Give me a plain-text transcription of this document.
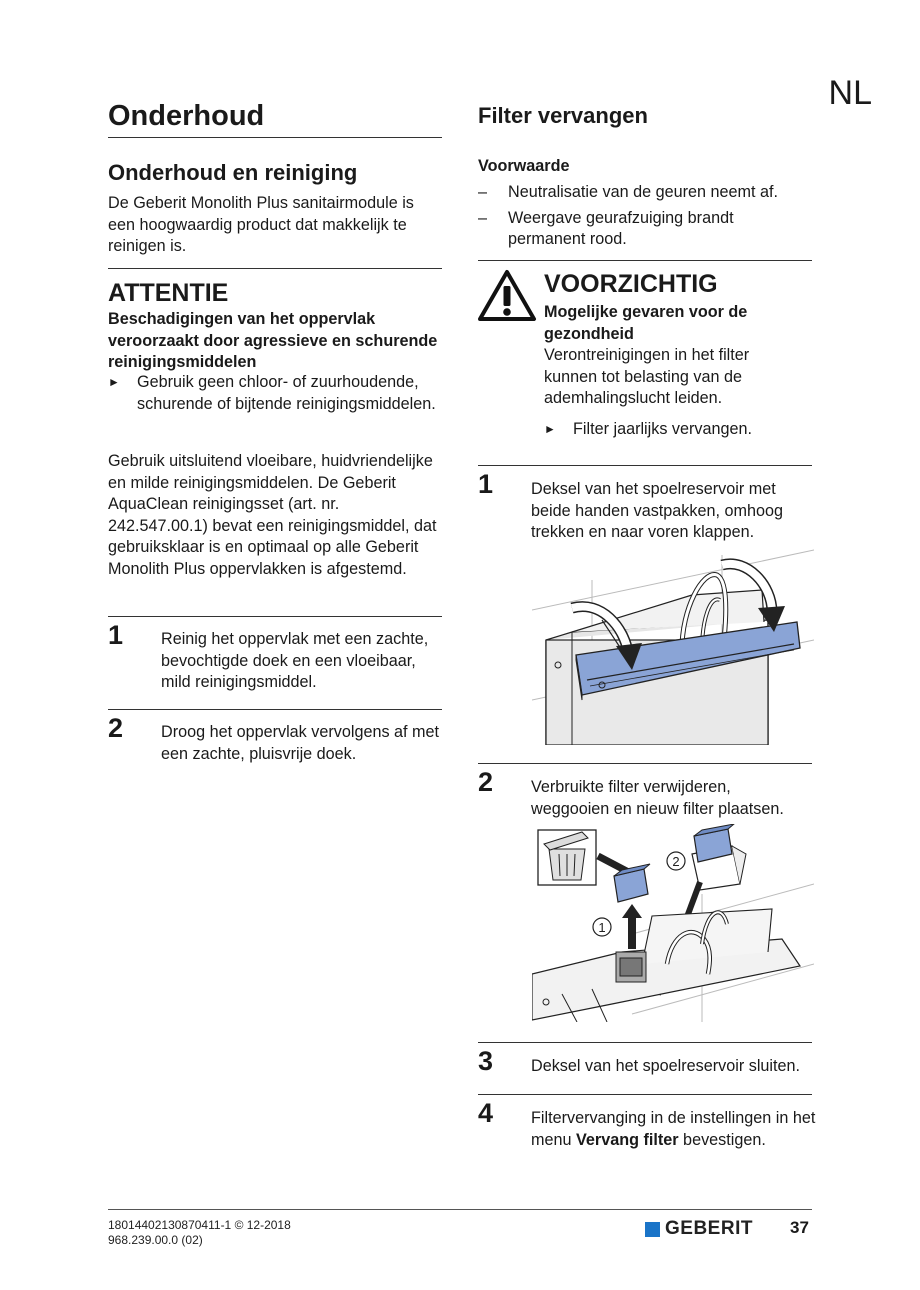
NL
Onderhoud
Onderhoud en reiniging
De Geberit Monolith Plus sanitairmodule is een hoogwaardig product dat makkelijk te reinigen is.
ATTENTIE
Beschadigingen van het oppervlak veroorzaakt door agressieve en schurende reinigingsmiddelen
►	Gebruik geen chloor- of zuurhoudende, schurende of bijtende reinigingsmiddelen.
Gebruik uitsluitend vloeibare, huidvriendelijke en milde reinigingsmiddelen. De Geberit AquaClean reinigingsset (art. nr. 242.547.00.1) bevat een reinigingsmiddel, dat gebruiksklaar is en optimaal op alle Geberit Monolith Plus oppervlakken is afgestemd.
1 Reinig het oppervlak met een zachte, bevochtigde doek en een vloeibaar, mild reinigingsmiddel.
2 Droog het oppervlak vervolgens af met een zachte, pluisvrije doek.
Filter vervangen
Voorwaarde
–	Neutralisatie van de geuren neemt af.
–	Weergave geurafzuiging brandt permanent rood.
VOORZICHTIG
Mogelijke gevaren voor de gezondheid
Verontreinigingen in het filter kunnen tot belasting van de ademhalingslucht leiden.
►	Filter jaarlijks vervangen.
1 Deksel van het spoelreservoir met beide handen vastpakken, omhoog trekken en naar voren klappen.
2 Verbruikte filter verwijderen, weggooien en nieuw filter plaatsen.
1
2
3 Deksel van het spoelreservoir sluiten.
4 Filtervervanging in de instellingen in het menu Vervang filter bevestigen.
18014402130870411-1 © 12-2018
968.239.00.0 (02)
GEBERIT 37
